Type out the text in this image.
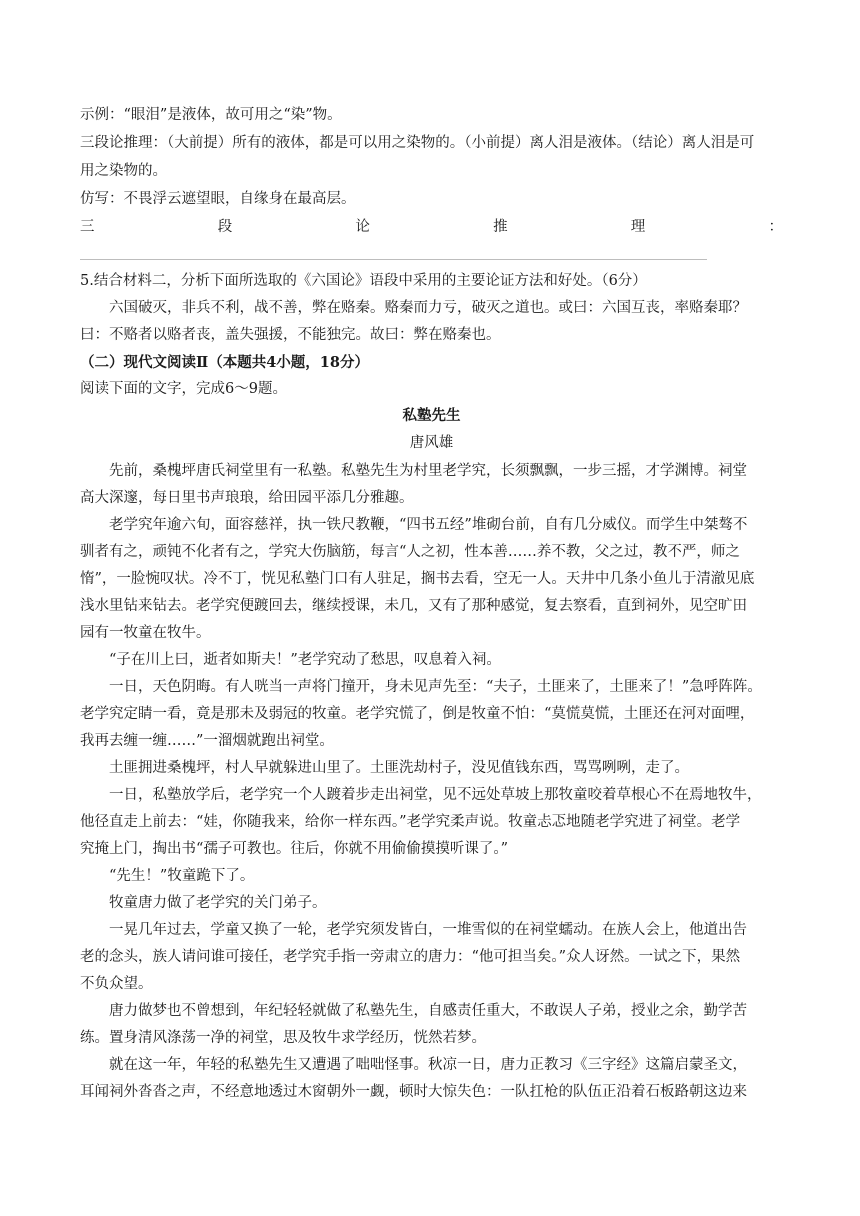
示例：“眼泪”是液体，故可用之“染”物。

三段论推理：（大前提）所有的液体，都是可以用之染物的。（小前提）离人泪是液体。（结论）离人泪是可

用之染物的。

仿写：不畏浮云遮望眼，自缘身在最高层。

三	段	论	推	理	：

5.结合材料二，分析下面所选取的《六国论》语段中采用的主要论证方法和好处。（6分）

六国破灭，非兵不利，战不善，弊在赂秦。赂秦而力亏，破灭之道也。或曰：六国互丧，率赂秦耶？

曰：不赂者以赂者丧，盖失强援，不能独完。故曰：弊在赂秦也。

（二）现代文阅读Ⅱ（本题共4小题，18分）

阅读下面的文字，完成6～9题。

私塾先生

唐风雄

先前，桑槐坪唐氏祠堂里有一私塾。私塾先生为村里老学究，长须飘飘，一步三摇，才学渊博。祠堂

高大深邃，每日里书声琅琅，给田园平添几分雅趣。

老学究年逾六旬，面容慈祥，执一铁尺教鞭，“四书五经”堆砌台前，自有几分威仪。而学生中桀骜不

驯者有之，顽钝不化者有之，学究大伤脑筋，每言“人之初，性本善……养不教，父之过，教不严，师之

惰”，一脸惋叹状。冷不丁，恍见私塾门口有人驻足，搁书去看，空无一人。天井中几条小鱼儿于清澈见底

浅水里钻来钻去。老学究便踱回去，继续授课，未几，又有了那种感觉，复去察看，直到祠外，见空旷田

园有一牧童在牧牛。

“子在川上曰，逝者如斯夫！”老学究动了愁思，叹息着入祠。

一日，天色阴晦。有人咣当一声将门撞开，身未见声先至：“夫子，土匪来了，土匪来了！”急呼阵阵。

老学究定睛一看，竟是那未及弱冠的牧童。老学究慌了，倒是牧童不怕：“莫慌莫慌，土匪还在河对面哩，

我再去缠一缠……”一溜烟就跑出祠堂。

土匪拥进桑槐坪，村人早就躲进山里了。土匪洗劫村子，没见值钱东西，骂骂咧咧，走了。

一日，私塾放学后，老学究一个人踱着步走出祠堂，见不远处草坡上那牧童咬着草根心不在焉地牧牛，

他径直走上前去：“娃，你随我来，给你一样东西。”老学究柔声说。牧童忐忑地随老学究进了祠堂。老学

究掩上门，掏出书“孺子可教也。往后，你就不用偷偷摸摸听课了。”

“先生！”牧童跪下了。

牧童唐力做了老学究的关门弟子。

一晃几年过去，学童又换了一轮，老学究须发皆白，一堆雪似的在祠堂蠕动。在族人会上，他道出告

老的念头，族人请问谁可接任，老学究手指一旁肃立的唐力：“他可担当矣。”众人讶然。一试之下，果然

不负众望。

唐力做梦也不曾想到，年纪轻轻就做了私塾先生，自感责任重大，不敢误人子弟，授业之余，勤学苦

练。置身清风涤荡一净的祠堂，思及牧牛求学经历，恍然若梦。

就在这一年，年轻的私塾先生又遭遇了咄咄怪事。秋凉一日，唐力正教习《三字经》这篇启蒙圣文，

耳闻祠外沓沓之声，不经意地透过木窗朝外一觑，顿时大惊失色：一队扛枪的队伍正沿着石板路朝这边来
